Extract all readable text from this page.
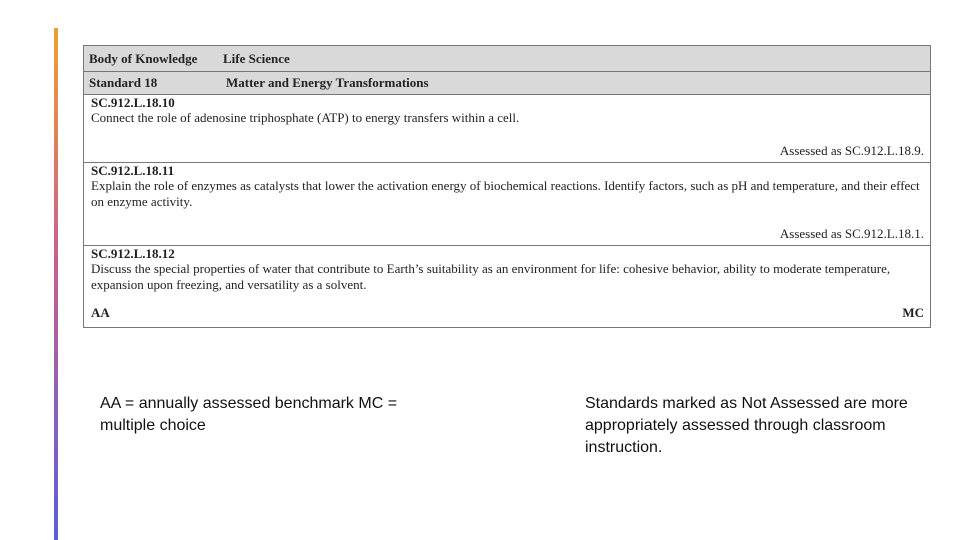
Body of Knowledge	Life Science
Standard 18	Matter and Energy Transformations
SC.912.L.18.10
Connect the role of adenosine triphosphate (ATP) to energy transfers within a cell.
Assessed as SC.912.L.18.9.
SC.912.L.18.11
Explain the role of enzymes as catalysts that lower the activation energy of biochemical reactions. Identify factors, such as pH and temperature, and their effect on enzyme activity.
Assessed as SC.912.L.18.1.
SC.912.L.18.12
Discuss the special properties of water that contribute to Earth’s suitability as an environment for life: cohesive behavior, ability to moderate temperature, expansion upon freezing, and versatility as a solvent.
AA	MC
AA = annually assessed benchmark MC = multiple choice
Standards marked as Not Assessed are more appropriately assessed through classroom instruction.
